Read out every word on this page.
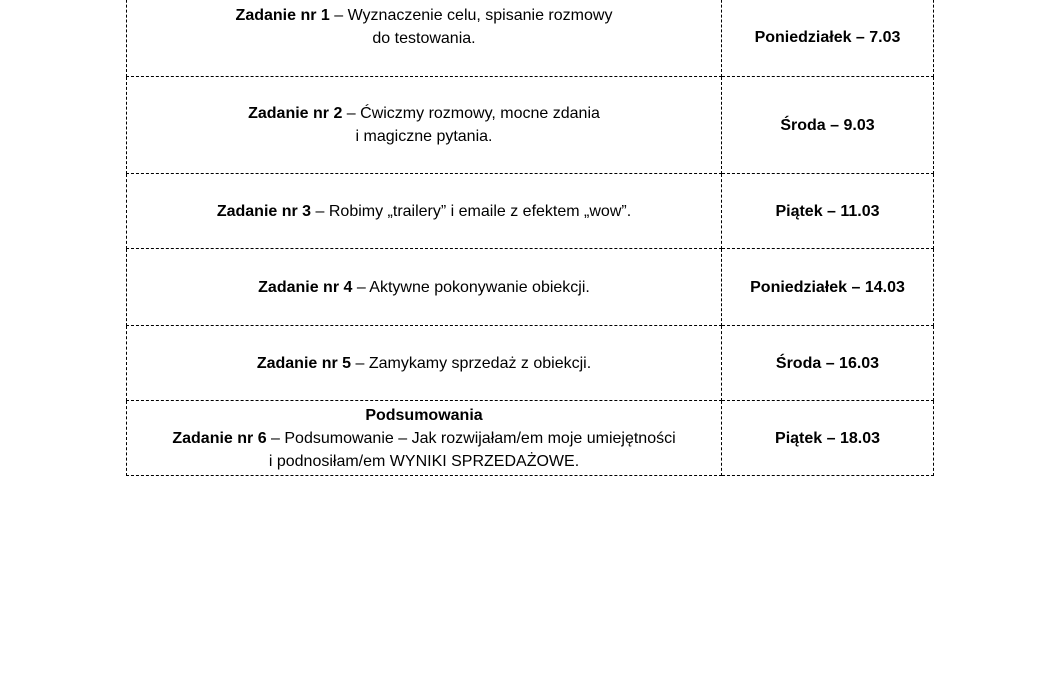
Zadanie nr 1 – Wyznaczenie celu, spisanie rozmowy
do testowania.	Poniedziałek – 7.03

Zadanie nr 2 – Ćwiczmy rozmowy, mocne zdania
i magiczne pytania.	Środa – 9.03

Zadanie nr 3 – Robimy „trailery” i emaile z efektem „wow”.	Piątek – 11.03

Zadanie nr 4 – Aktywne pokonywanie obiekcji.	Poniedziałek – 14.03

Zadanie nr 5 – Zamykamy sprzedaż z obiekcji.	Środa – 16.03

Podsumowania
Zadanie nr 6 – Podsumowanie – Jak rozwijałam/em moje umiejętności
i podnosiłam/em WYNIKI SPRZEDAŻOWE.	Piątek – 18.03
